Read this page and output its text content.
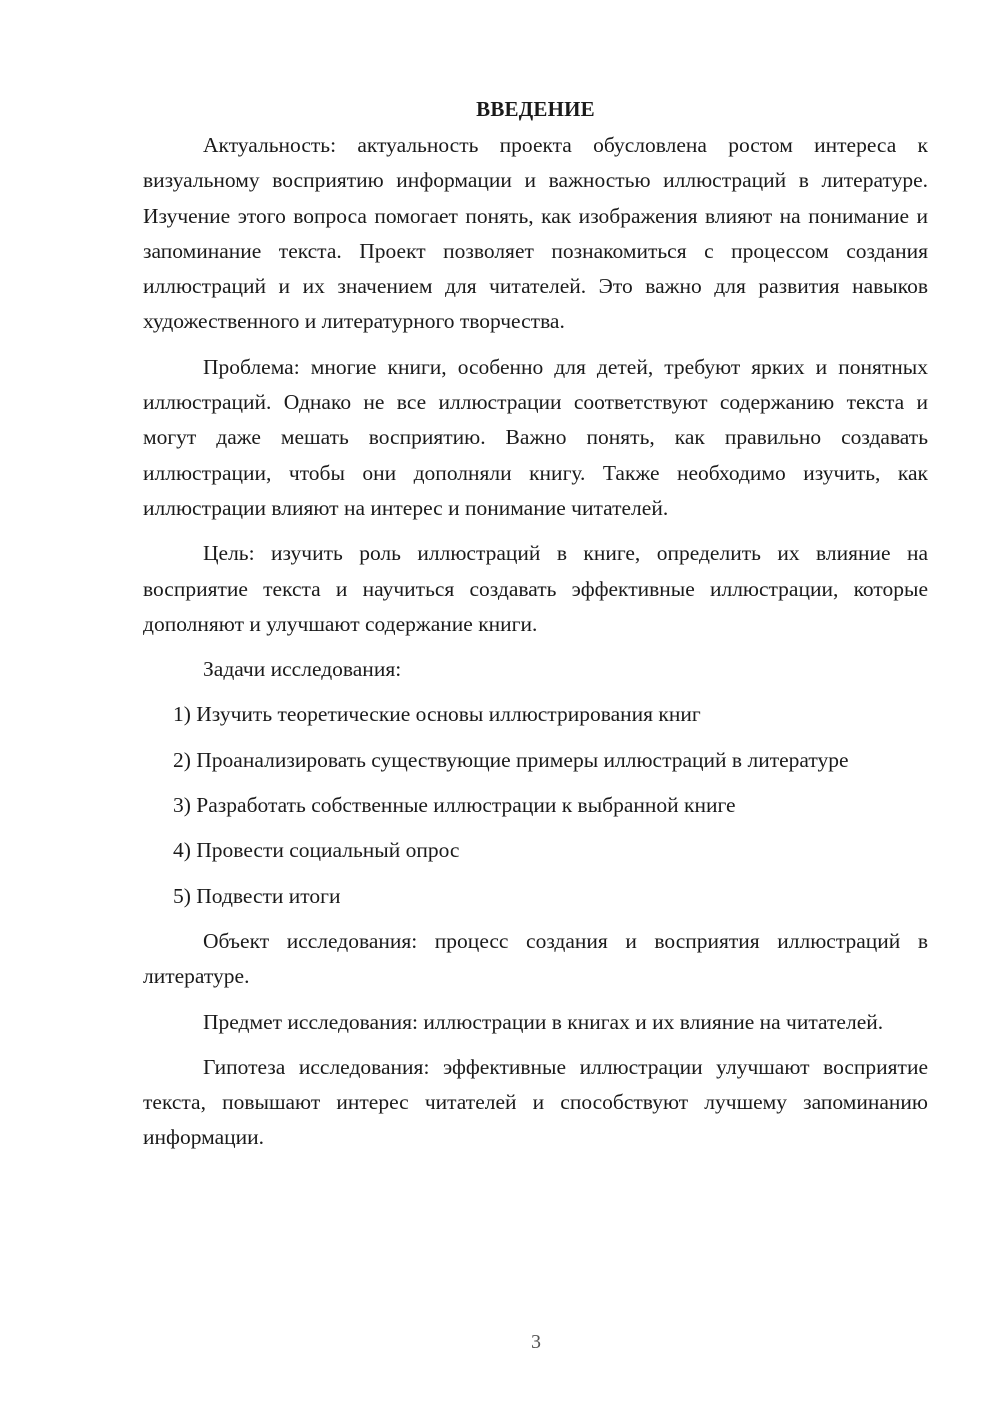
ВВЕДЕНИЕ

Актуальность: актуальность проекта обусловлена ростом интереса к визуальному восприятию информации и важностью иллюстраций в литературе. Изучение этого вопроса помогает понять, как изображения влияют на понимание и запоминание текста. Проект позволяет познакомиться с процессом создания иллюстраций и их значением для читателей. Это важно для развития навыков художественного и литературного творчества.

Проблема: многие книги, особенно для детей, требуют ярких и понятных иллюстраций. Однако не все иллюстрации соответствуют содержанию текста и могут даже мешать восприятию. Важно понять, как правильно создавать иллюстрации, чтобы они дополняли книгу. Также необходимо изучить, как иллюстрации влияют на интерес и понимание читателей.

Цель: изучить роль иллюстраций в книге, определить их влияние на восприятие текста и научиться создавать эффективные иллюстрации, которые дополняют и улучшают содержание книги.

Задачи исследования:

1) Изучить теоретические основы иллюстрирования книг

2) Проанализировать существующие примеры иллюстраций в литературе

3) Разработать собственные иллюстрации к выбранной книге

4) Провести социальный опрос

5) Подвести итоги

Объект исследования: процесс создания и восприятия иллюстраций в литературе.

Предмет исследования: иллюстрации в книгах и их влияние на читателей.

Гипотеза исследования: эффективные иллюстрации улучшают восприятие текста, повышают интерес читателей и способствуют лучшему запоминанию информации.

3
